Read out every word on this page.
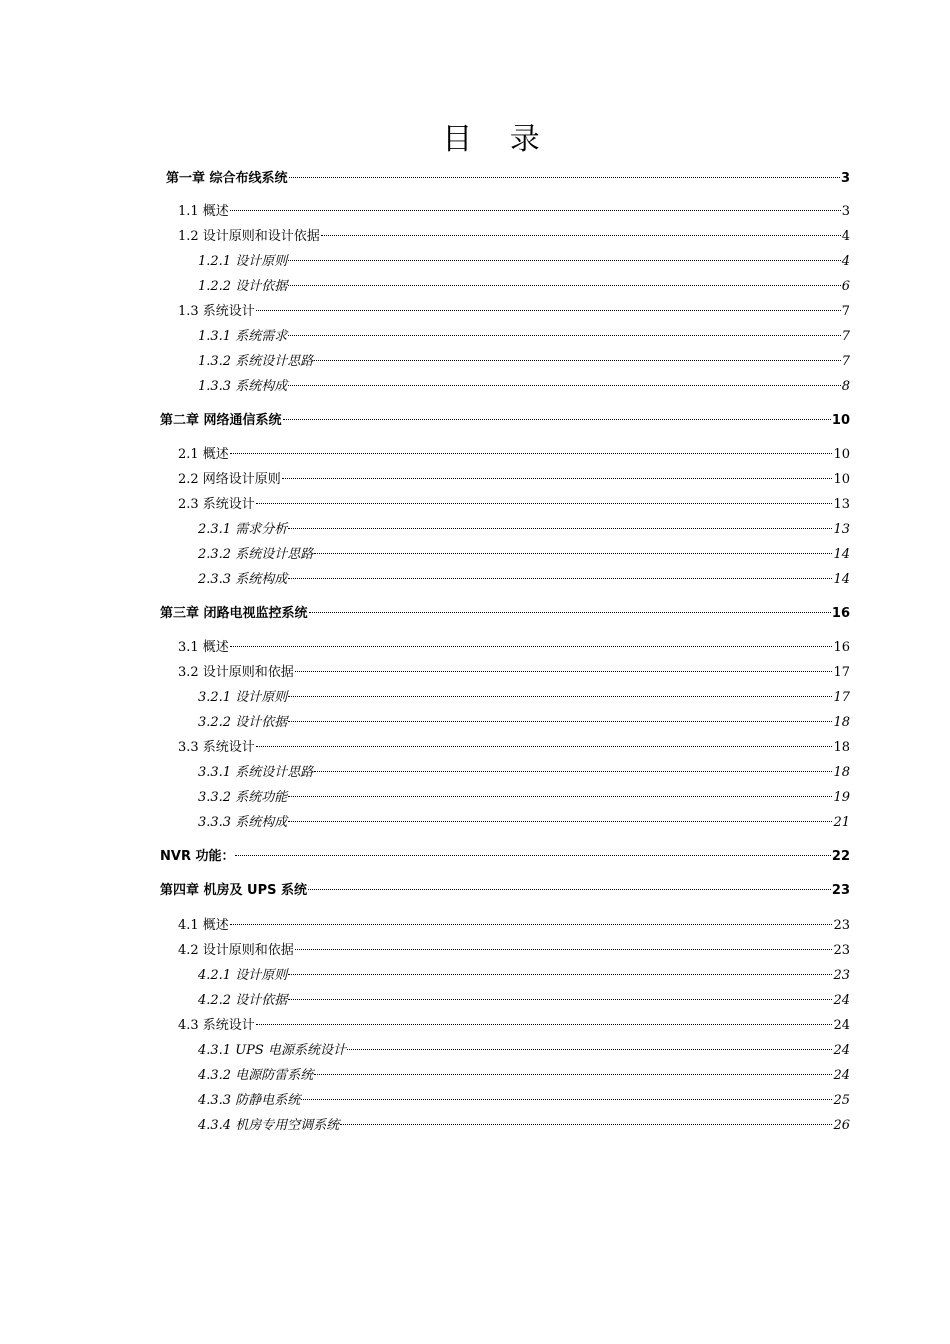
目 录
第一章 综合布线系统	3
1.1 概述	3
1.2 设计原则和设计依据	4
1.2.1 设计原则	4
1.2.2 设计依据	6
1.3 系统设计	7
1.3.1 系统需求	7
1.3.2 系统设计思路	7
1.3.3 系统构成	8
第二章 网络通信系统	10
2.1 概述	10
2.2 网络设计原则	10
2.3 系统设计	13
2.3.1 需求分析	13
2.3.2 系统设计思路	14
2.3.3 系统构成	14
第三章 闭路电视监控系统	16
3.1 概述	16
3.2 设计原则和依据	17
3.2.1 设计原则	17
3.2.2 设计依据	18
3.3 系统设计	18
3.3.1 系统设计思路	18
3.3.2 系统功能	19
3.3.3 系统构成	21
NVR 功能：	22
第四章 机房及 UPS 系统	23
4.1 概述	23
4.2 设计原则和依据	23
4.2.1 设计原则	23
4.2.2 设计依据	24
4.3 系统设计	24
4.3.1 UPS 电源系统设计	24
4.3.2 电源防雷系统	24
4.3.3 防静电系统	25
4.3.4 机房专用空调系统	26
